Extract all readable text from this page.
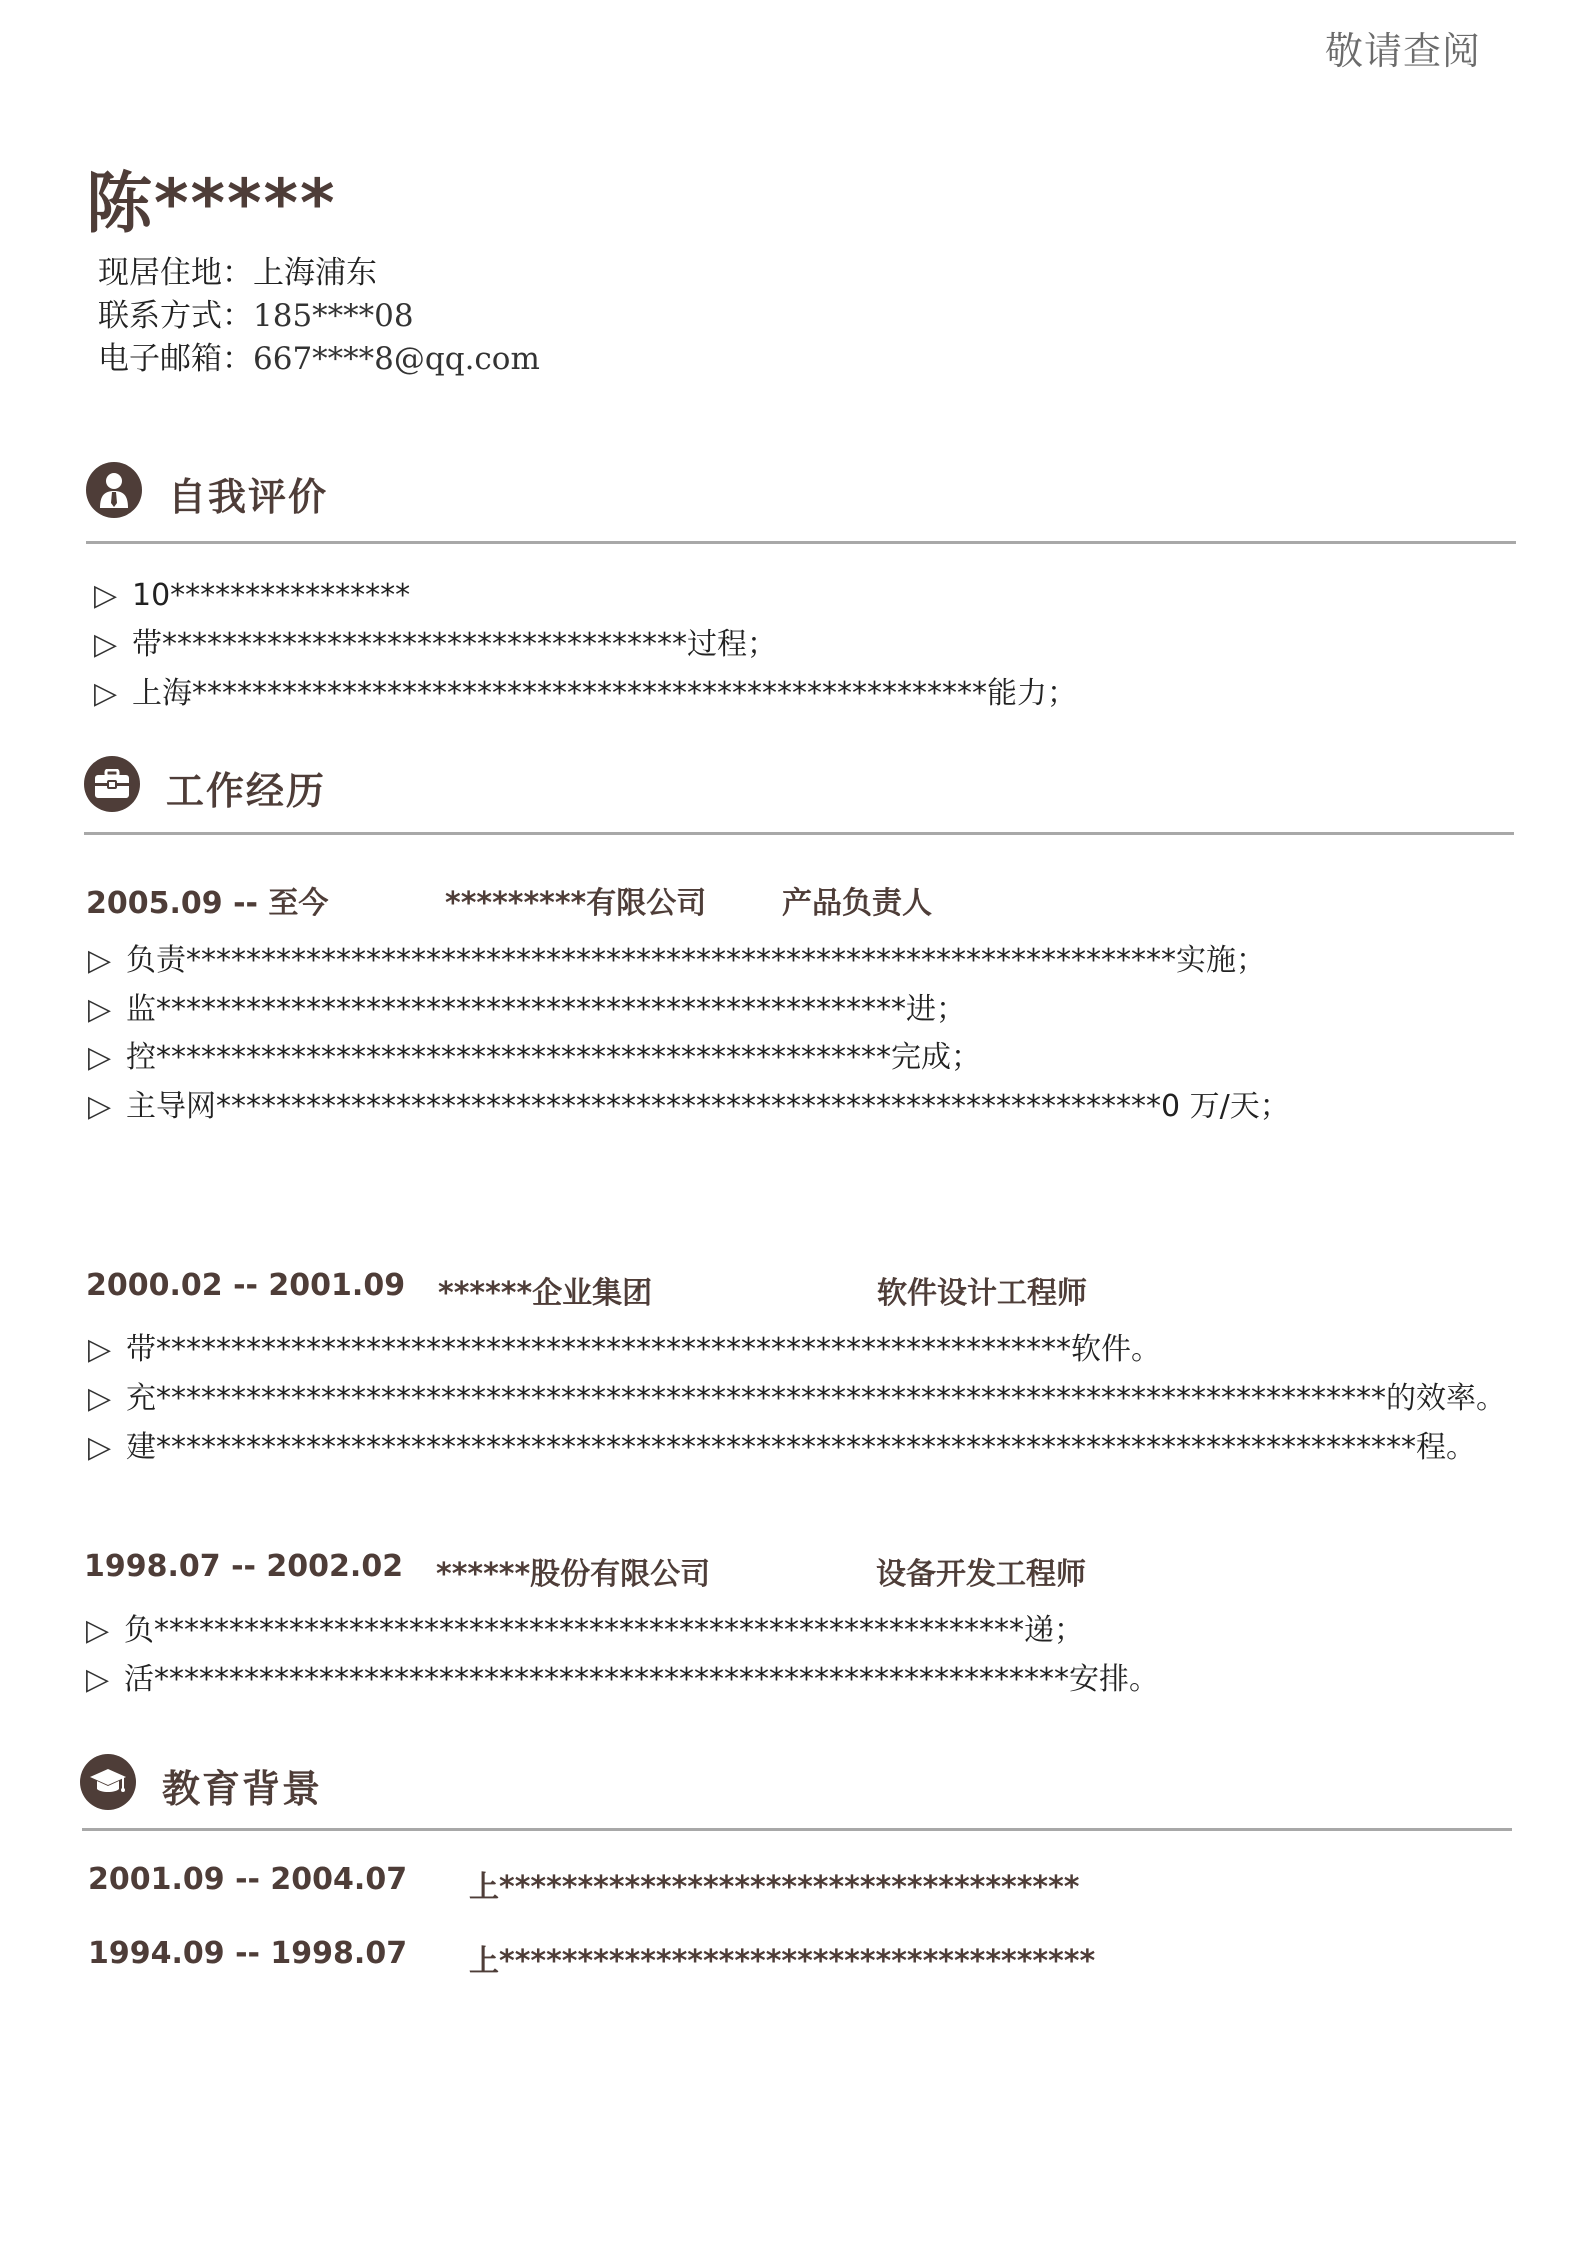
敬请查阅
陈*****
现居住地：上海浦东
联系方式：185****08
电子邮箱：667****8@qq.com
自我评价
▷ 10****************
▷ 带***********************************过程；
▷ 上海*****************************************************能力；
工作经历
2005.09 -- 至今	*********有限公司	产品负责人
▷ 负责******************************************************************实施；
▷ 监**************************************************进；
▷ 控*************************************************完成；
▷ 主导网***************************************************************0 万/天；
2000.02 -- 2001.09 ******企业集团	软件设计工程师
▷ 带*************************************************************软件。
▷ 充**********************************************************************************的效率。
▷ 建************************************************************************************程。
1998.07 -- 2002.02 ******股份有限公司	设备开发工程师
▷ 负**********************************************************递；
▷ 活*************************************************************安排。
教育背景
2001.09 -- 2004.07 上*************************************
1994.09 -- 1998.07 上**************************************
